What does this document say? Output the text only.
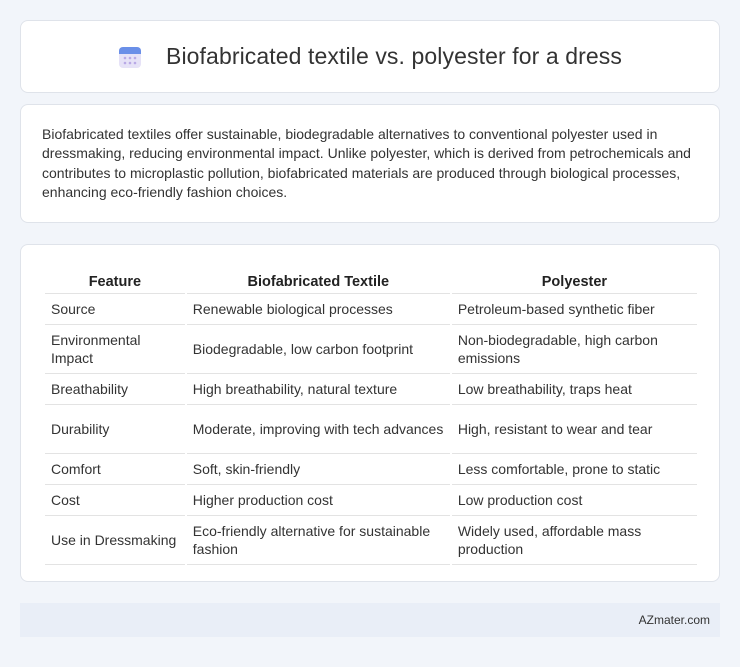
Biofabricated textile vs. polyester for a dress

Biofabricated textiles offer sustainable, biodegradable alternatives to conventional polyester used in dressmaking, reducing environmental impact. Unlike polyester, which is derived from petrochemicals and contributes to microplastic pollution, biofabricated materials are produced through biological processes, enhancing eco-friendly fashion choices.

Feature	Biofabricated Textile	Polyester
Source	Renewable biological processes	Petroleum-based synthetic fiber
Environmental Impact	Biodegradable, low carbon footprint	Non-biodegradable, high carbon emissions
Breathability	High breathability, natural texture	Low breathability, traps heat
Durability	Moderate, improving with tech advances	High, resistant to wear and tear
Comfort	Soft, skin-friendly	Less comfortable, prone to static
Cost	Higher production cost	Low production cost
Use in Dressmaking	Eco-friendly alternative for sustainable fashion	Widely used, affordable mass production
AZmater.com
